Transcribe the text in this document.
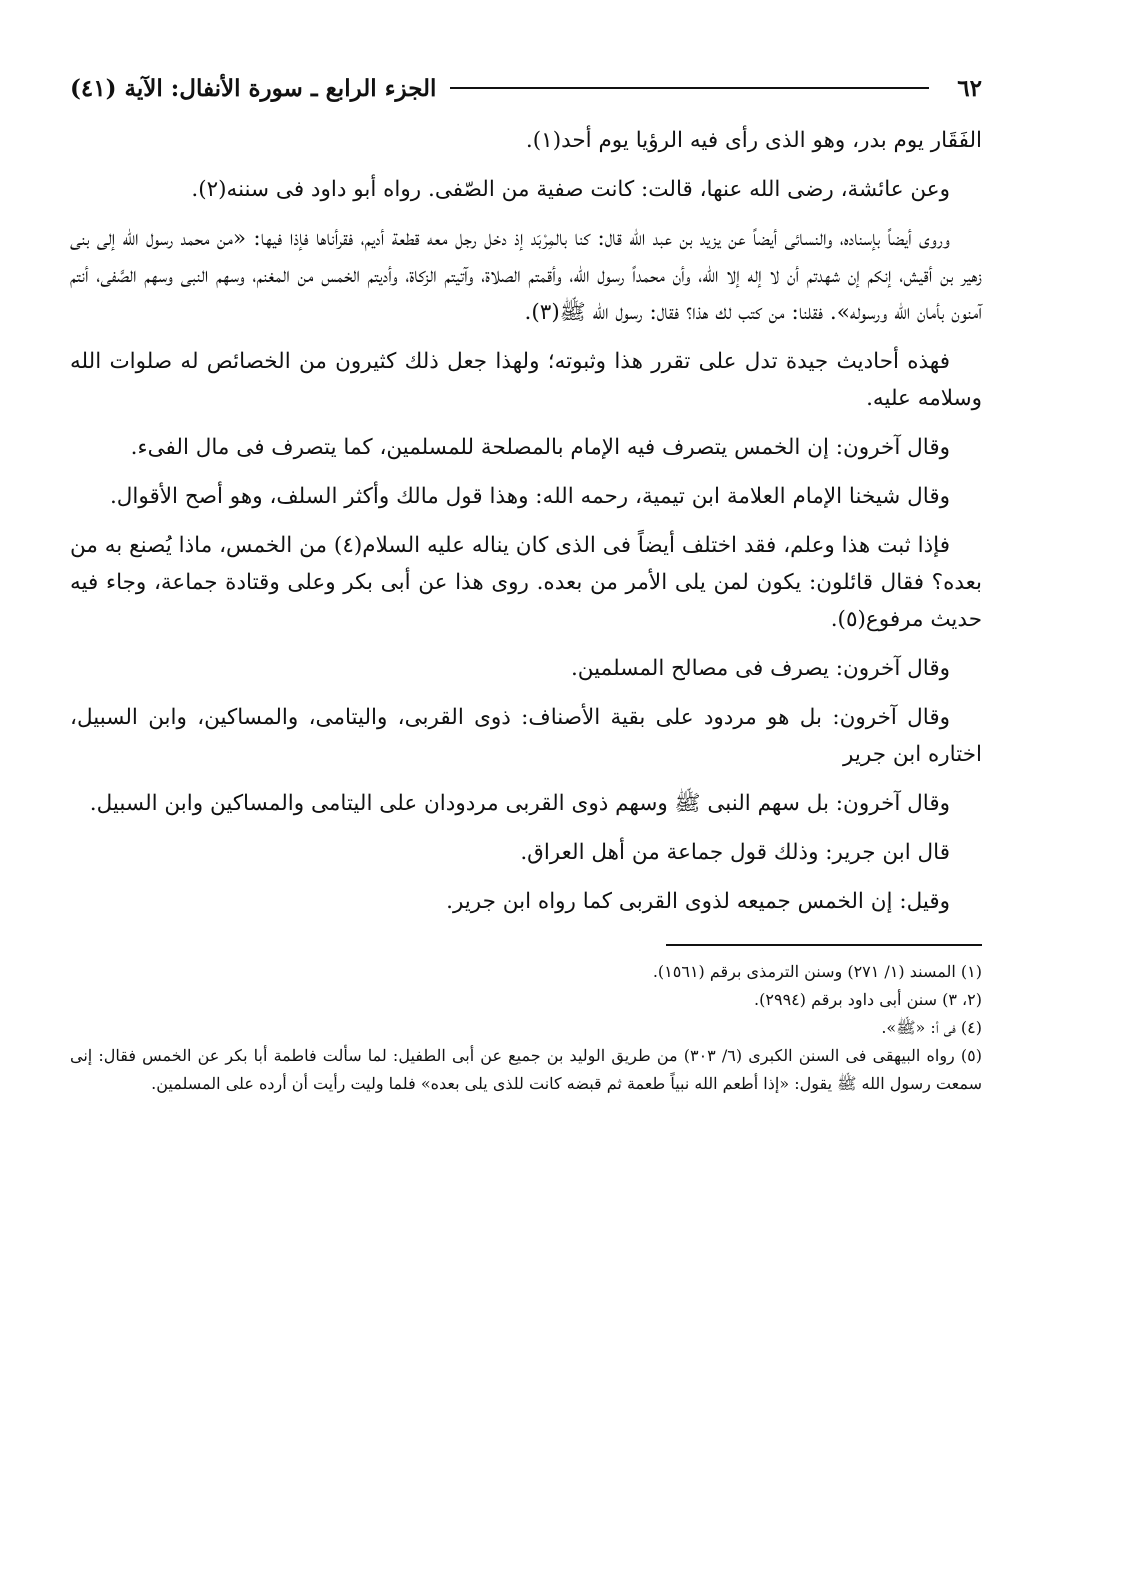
٦٢
الجزء الرابع ـ سورة الأنفال: الآية (٤١)

الفَقَار يوم بدر، وهو الذى رأى فيه الرؤيا يوم أحد(١).

وعن عائشة، رضى الله عنها، قالت: كانت صفية من الصّفى. رواه أبو داود فى سننه(٢).

وروى أيضاً بإسناده، والنسائى أيضاً عن يزيد بن عبد الله قال: كنا بالمِرْبَد إذ دخل رجل معه قطعة أديم، فقرأناها فإذا فيها: «من محمد رسول الله إلى بنى زهير بن أقيش، إنكم إن شهدتم أن لا إله إلا الله، وأن محمداً رسول الله، وأقمتم الصلاة، وآتيتم الزكاة، وأديتم الخمس من المغنم، وسهم النبى وسهم الصَّفى، أنتم آمنون بأمان الله ورسوله». فقلنا: من كتب لك هذا؟ فقال: رسول الله ﷺ(٣).

فهذه أحاديث جيدة تدل على تقرر هذا وثبوته؛ ولهذا جعل ذلك كثيرون من الخصائص له صلوات الله وسلامه عليه.

وقال آخرون: إن الخمس يتصرف فيه الإمام بالمصلحة للمسلمين، كما يتصرف فى مال الفىء.

وقال شيخنا الإمام العلامة ابن تيمية، رحمه الله: وهذا قول مالك وأكثر السلف، وهو أصح الأقوال.

فإذا ثبت هذا وعلم، فقد اختلف أيضاً فى الذى كان يناله عليه السلام(٤) من الخمس، ماذا يُصنع به من بعده؟ فقال قائلون: يكون لمن يلى الأمر من بعده. روى هذا عن أبى بكر وعلى وقتادة جماعة، وجاء فيه حديث مرفوع(٥).

وقال آخرون: يصرف فى مصالح المسلمين.

وقال آخرون: بل هو مردود على بقية الأصناف: ذوى القربى، واليتامى، والمساكين، وابن السبيل، اختاره ابن جرير

وقال آخرون: بل سهم النبى ﷺ وسهم ذوى القربى مردودان على اليتامى والمساكين وابن السبيل.

قال ابن جرير: وذلك قول جماعة من أهل العراق.

وقيل: إن الخمس جميعه لذوى القربى كما رواه ابن جرير.

(١) المسند (١/ ٢٧١) وسنن الترمذى برقم (١٥٦١).

(٢، ٣) سنن أبى داود برقم (٢٩٩٤).

(٤) فى أ: «ﷺ».

(٥) رواه البيهقى فى السنن الكبرى (٦/ ٣٠٣) من طريق الوليد بن جميع عن أبى الطفيل: لما سألت فاطمة أبا بكر عن الخمس فقال: إنى سمعت رسول الله ﷺ يقول: «إذا أطعم الله نبياً طعمة ثم قبضه كانت للذى يلى بعده» فلما وليت رأيت أن أرده على المسلمين.
